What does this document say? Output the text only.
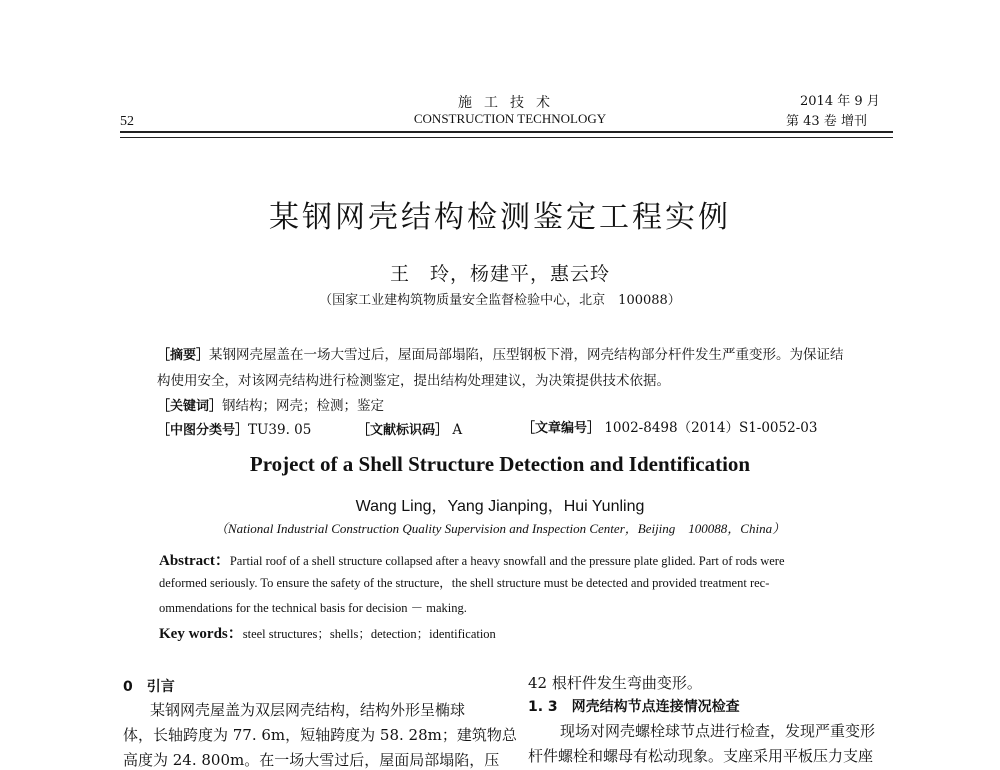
施工技术
CONSTRUCTION TECHNOLOGY
52
2014 年 9 月
第 43 卷 增刊
某钢网壳结构检测鉴定工程实例
王　玲，杨建平，惠云玲
（国家工业建构筑物质量安全监督检验中心，北京　100088）
［摘要］某钢网壳屋盖在一场大雪过后，屋面局部塌陷，压型钢板下滑，网壳结构部分杆件发生严重变形。为保证结
构使用安全，对该网壳结构进行检测鉴定，提出结构处理建议，为决策提供技术依据。
［关键词］钢结构；网壳；检测；鉴定
［中图分类号］TU39. 05	［文献标识码］ A	［文章编号］ 1002-8498（2014）S1-0052-03
Project of a Shell Structure Detection and Identification
Wang Ling，Yang Jianping，Hui Yunling
（National Industrial Construction Quality Supervision and Inspection Center，Beijing　100088，China）
Abstract：Partial roof of a shell structure collapsed after a heavy snowfall and the pressure plate glided. Part of rods were
deformed seriously. To ensure the safety of the structure，the shell structure must be detected and provided treatment rec-
ommendations for the technical basis for decision － making.
Key words：steel structures；shells；detection；identification
0　引言
某钢网壳屋盖为双层网壳结构，结构外形呈椭球
体，长轴跨度为 77. 6m，短轴跨度为 58. 28m；建筑物总
高度为 24. 800m。在一场大雪过后，屋面局部塌陷，压
42 根杆件发生弯曲变形。
1. 3　网壳结构节点连接情况检查
现场对网壳螺栓球节点进行检查，发现严重变形
杆件螺栓和螺母有松动现象。支座采用平板压力支座
